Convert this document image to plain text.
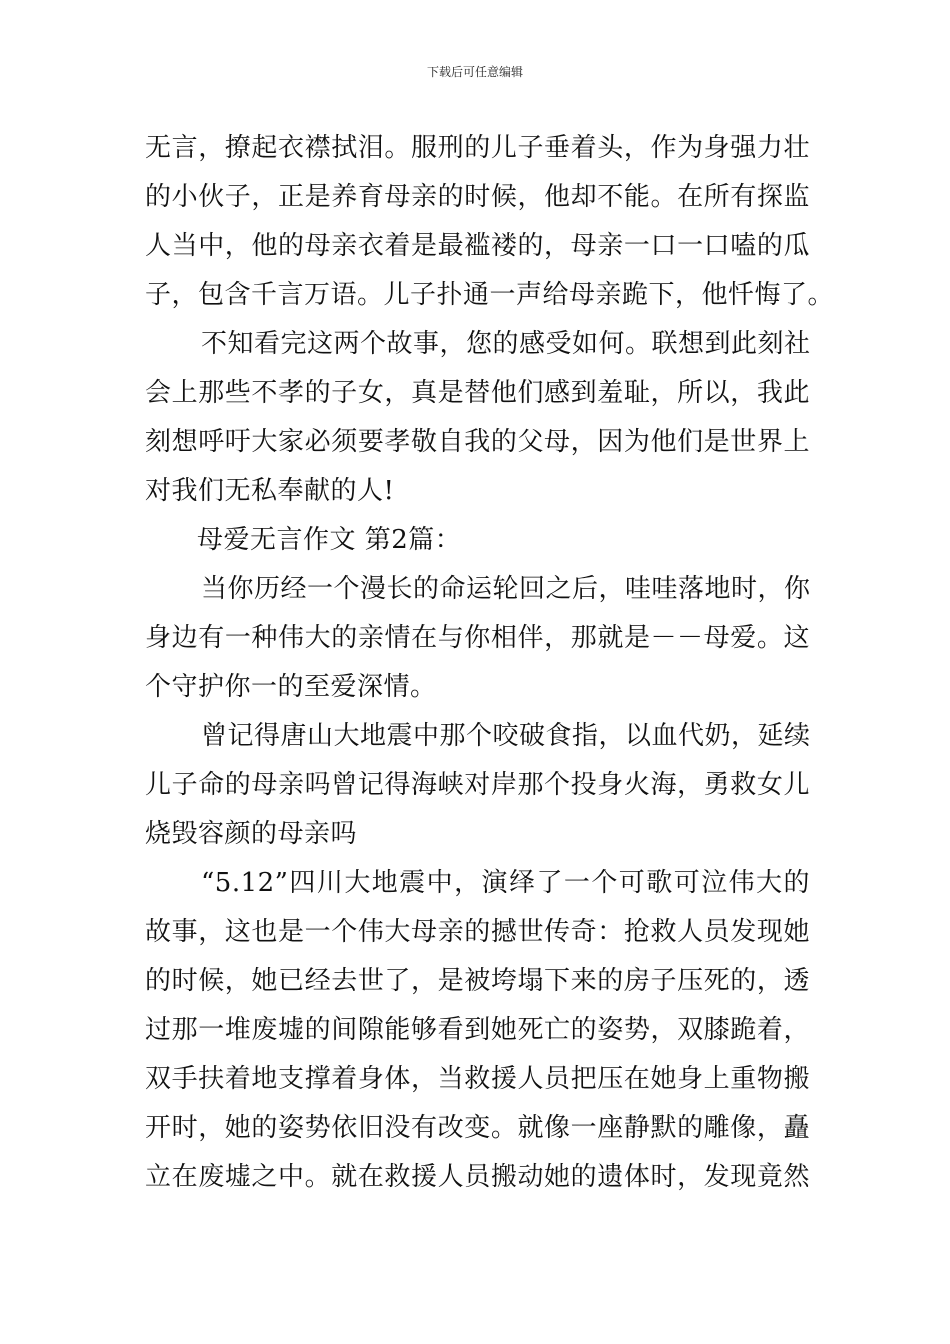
下载后可任意编辑
无言，撩起衣襟拭泪。服刑的儿子垂着头，作为身强力壮
的小伙子，正是养育母亲的时候，他却不能。在所有探监
人当中，他的母亲衣着是最褴褛的，母亲一口一口嗑的瓜
子，包含千言万语。儿子扑通一声给母亲跪下，他忏悔了。
不知看完这两个故事，您的感受如何。联想到此刻社
会上那些不孝的子女，真是替他们感到羞耻，所以，我此
刻想呼吁大家必须要孝敬自我的父母，因为他们是世界上
对我们无私奉献的人!
母爱无言作文 第2篇：
当你历经一个漫长的命运轮回之后，哇哇落地时，你
身边有一种伟大的亲情在与你相伴，那就是－－母爱。这
个守护你一的至爱深情。
曾记得唐山大地震中那个咬破食指，以血代奶，延续
儿子命的母亲吗曾记得海峡对岸那个投身火海，勇救女儿
烧毁容颜的母亲吗
“5.12”四川大地震中，演绎了一个可歌可泣伟大的
故事，这也是一个伟大母亲的撼世传奇：抢救人员发现她
的时候，她已经去世了，是被垮塌下来的房子压死的，透
过那一堆废墟的间隙能够看到她死亡的姿势，双膝跪着，
双手扶着地支撑着身体，当救援人员把压在她身上重物搬
开时，她的姿势依旧没有改变。就像一座静默的雕像，矗
立在废墟之中。就在救援人员搬动她的遗体时，发现竟然
